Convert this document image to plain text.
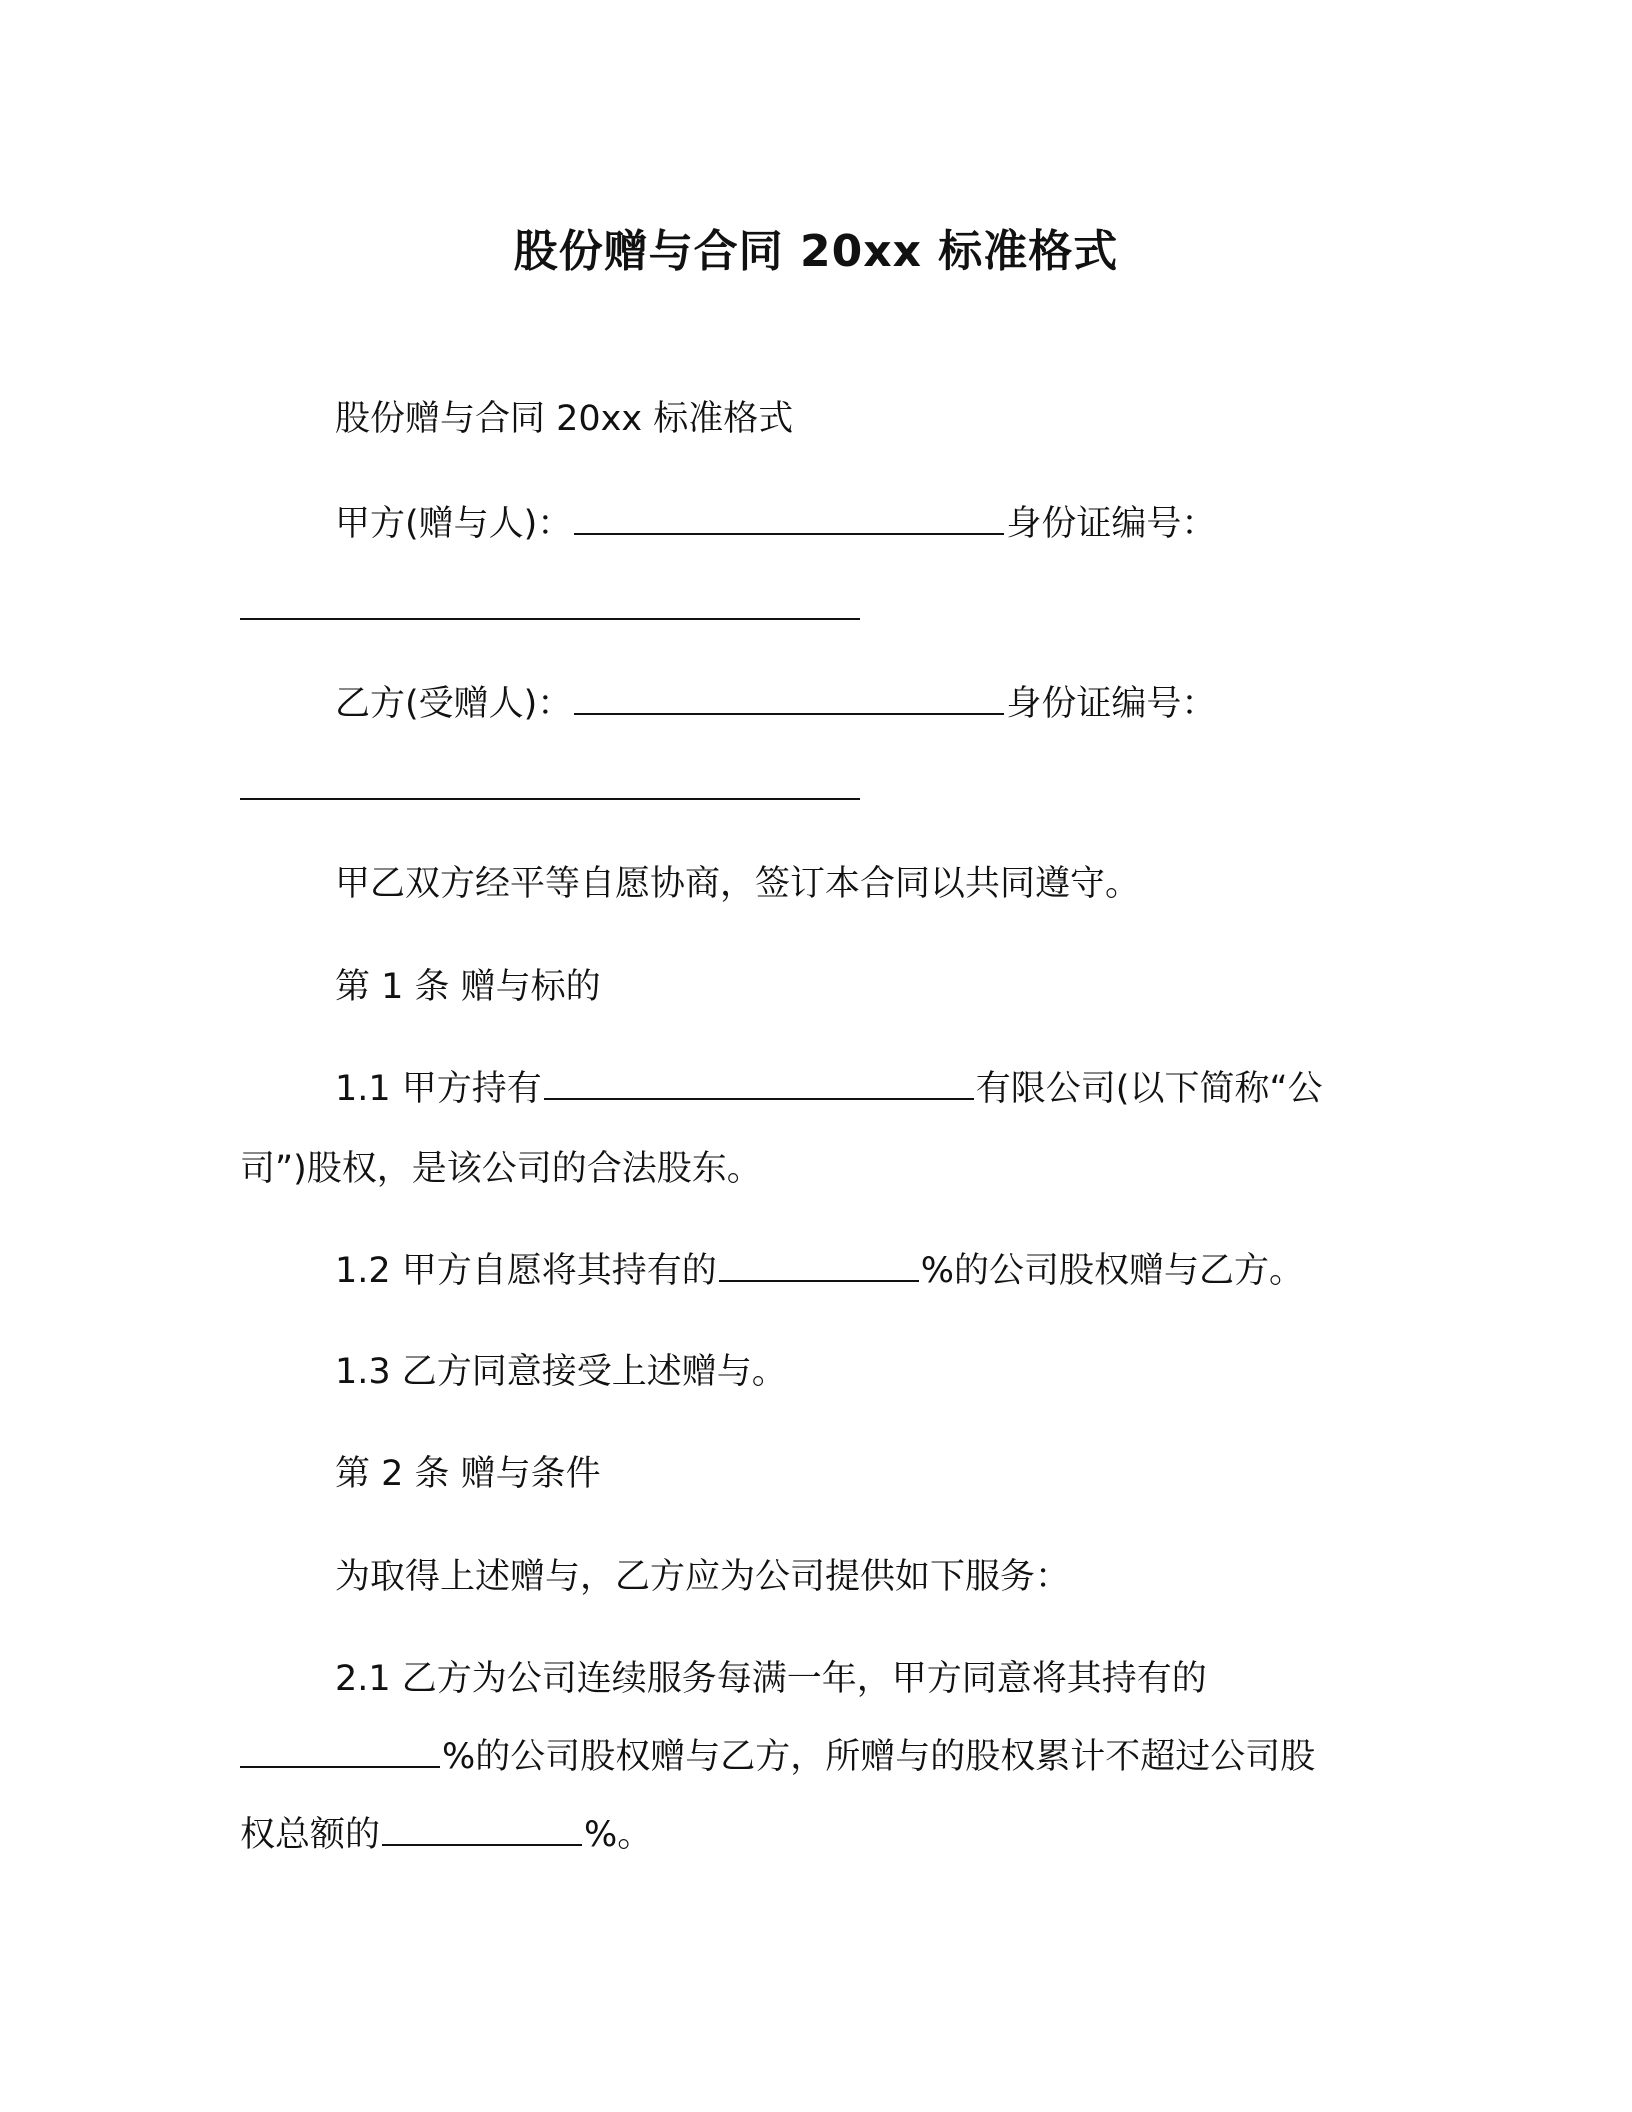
股份赠与合同 20xx 标准格式
股份赠与合同 20xx 标准格式
甲方(赠与人)：	身份证编号：
乙方(受赠人)：	身份证编号：
甲乙双方经平等自愿协商，签订本合同以共同遵守。
第 1 条 赠与标的
1.1 甲方持有	有限公司(以下简称“公
司”)股权，是该公司的合法股东。
1.2 甲方自愿将其持有的	%的公司股权赠与乙方。
1.3 乙方同意接受上述赠与。
第 2 条 赠与条件
为取得上述赠与，乙方应为公司提供如下服务：
2.1 乙方为公司连续服务每满一年，甲方同意将其持有的
%的公司股权赠与乙方，所赠与的股权累计不超过公司股
权总额的	%。
